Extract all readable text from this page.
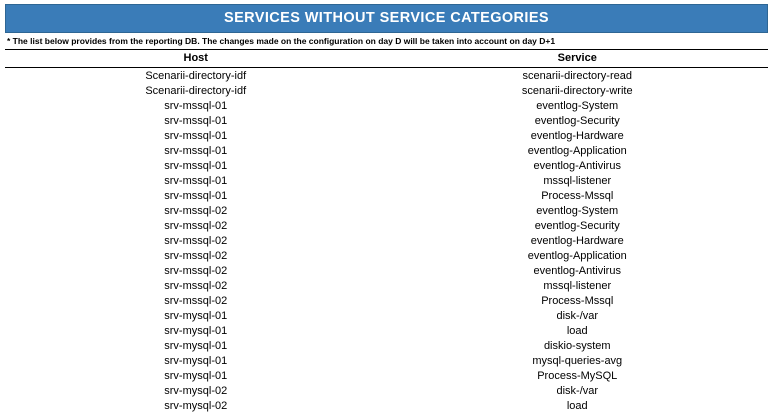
SERVICES WITHOUT SERVICE CATEGORIES
* The list below provides from the reporting DB. The changes made on the configuration on day D will be taken into account on day D+1
Host	Service
Scenarii-directory-idf	scenarii-directory-read
Scenarii-directory-idf	scenarii-directory-write
srv-mssql-01	eventlog-System
srv-mssql-01	eventlog-Security
srv-mssql-01	eventlog-Hardware
srv-mssql-01	eventlog-Application
srv-mssql-01	eventlog-Antivirus
srv-mssql-01	mssql-listener
srv-mssql-01	Process-Mssql
srv-mssql-02	eventlog-System
srv-mssql-02	eventlog-Security
srv-mssql-02	eventlog-Hardware
srv-mssql-02	eventlog-Application
srv-mssql-02	eventlog-Antivirus
srv-mssql-02	mssql-listener
srv-mssql-02	Process-Mssql
srv-mysql-01	disk-/var
srv-mysql-01	load
srv-mysql-01	diskio-system
srv-mysql-01	mysql-queries-avg
srv-mysql-01	Process-MySQL
srv-mysql-02	disk-/var
srv-mysql-02	load
